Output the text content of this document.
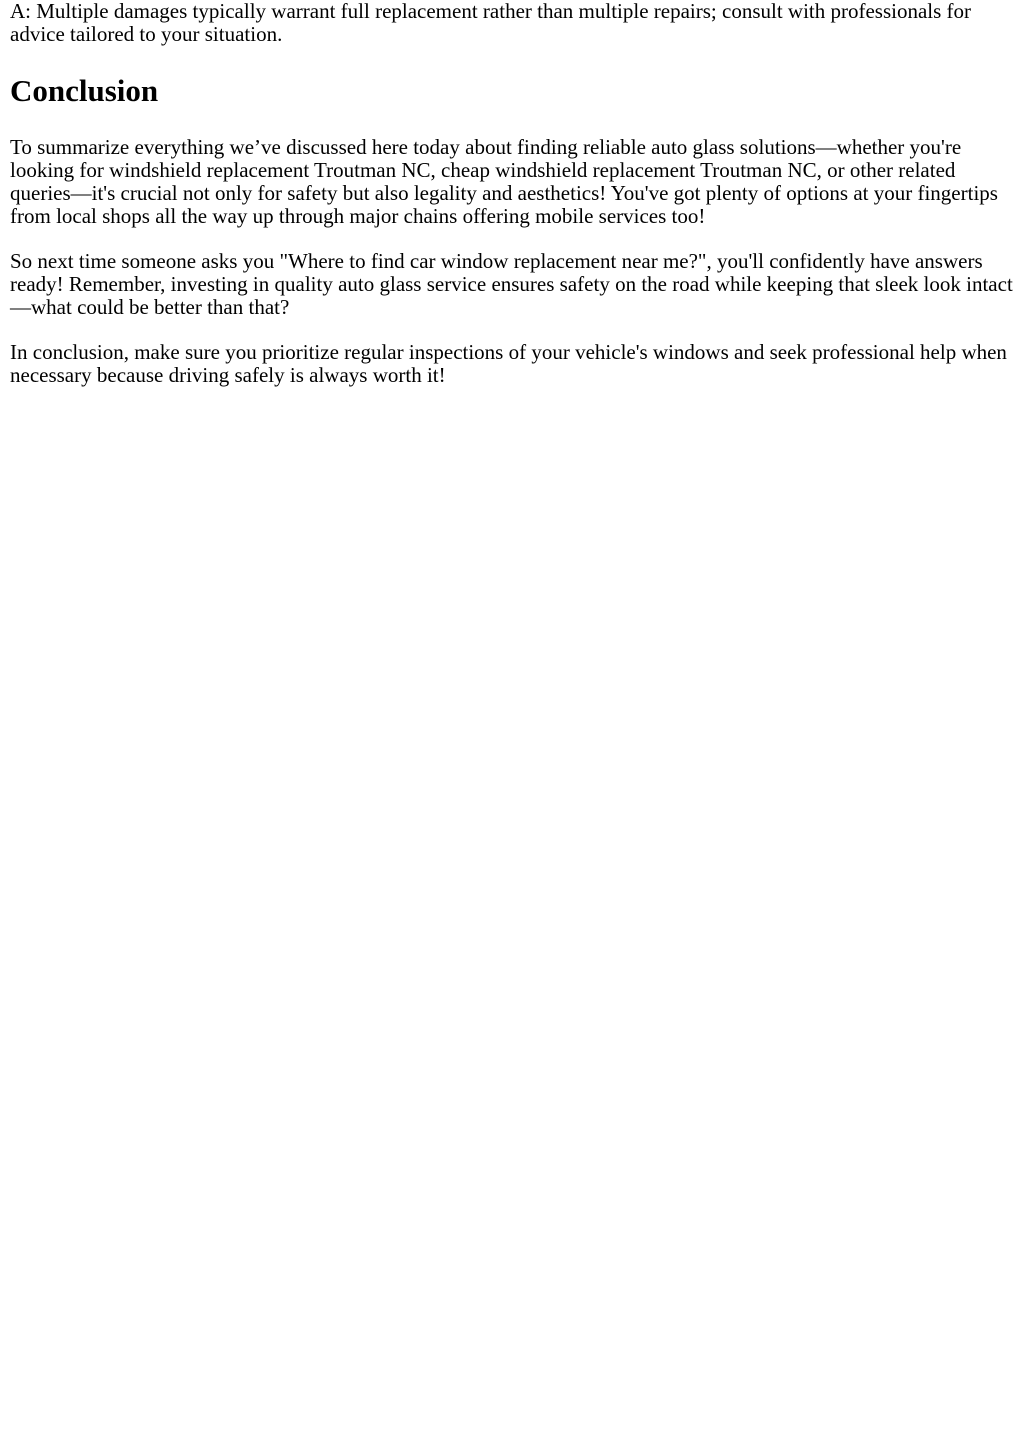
A: Multiple damages typically warrant full replacement rather than multiple repairs; consult with professionals for advice tailored to your situation.

Conclusion

To summarize everything we’ve discussed here today about finding reliable auto glass solutions—whether you're looking for windshield replacement Troutman NC, cheap windshield replacement Troutman NC, or other related queries—it's crucial not only for safety but also legality and aesthetics! You've got plenty of options at your fingertips from local shops all the way up through major chains offering mobile services too!

So next time someone asks you "Where to find car window replacement near me?", you'll confidently have answers ready! Remember, investing in quality auto glass service ensures safety on the road while keeping that sleek look intact—what could be better than that?

In conclusion, make sure you prioritize regular inspections of your vehicle's windows and seek professional help when necessary because driving safely is always worth it!
